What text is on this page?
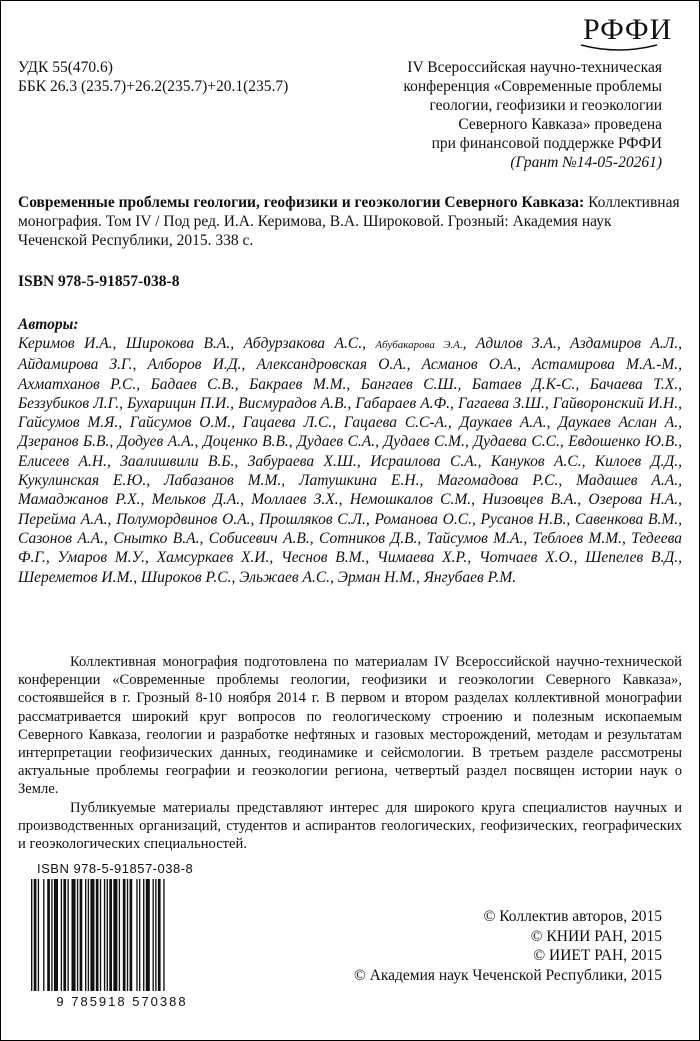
РФФИ
УДК 55(470.6)
ББК 26.3 (235.7)+26.2(235.7)+20.1(235.7)
IV Всероссийская научно-техническая
конференция «Современные проблемы
геологии, геофизики и геоэкологии
Северного Кавказа» проведена
при финансовой поддержке РФФИ
(Грант №14-05-20261)
Современные проблемы геологии, геофизики и геоэкологии Северного Кавказа: Коллективная монография. Том IV / Под ред. И.А. Керимова, В.А. Широковой. Грозный: Академия наук Чеченской Республики, 2015. 338 с.
ISBN 978-5-91857-038-8
Авторы:
Керимов И.А., Широкова В.А., Абдурзакова А.С., Абубакарова Э.А., Адилов З.А., Аздамиров А.Л., Айдамирова З.Г., Алборов И.Д., Александровская О.А., Асманов О.А., Астамирова М.А.-М., Ахматханов Р.С., Бадаев С.В., Бакраев М.М., Бангаев С.Ш., Батаев Д.К-С., Бачаева Т.Х., Беззубиков Л.Г., Бухарицин П.И., Висмурадов А.В., Габараев А.Ф., Гагаева З.Ш., Гайворонский И.Н., Гайсумов М.Я., Гайсумов О.М., Гацаева Л.С., Гацаева С.С-А., Даукаев А.А., Даукаев Аслан А., Дзеранов Б.В., Додуев А.А., Доценко В.В., Дудаев С.А., Дудаев С.М., Дудаева С.С., Евдошенко Ю.В., Елисеев А.Н., Заалишвили В.Б., Забураева Х.Ш., Исраилова С.А., Кануков А.С., Килоев Д.Д., Кукулинская Е.Ю., Лабазанов М.М., Латушкина Е.Н., Магомадова Р.С., Мадашев А.А., Мамаджанов Р.Х., Мельков Д.А., Моллаев З.Х., Немошкалов С.М., Низовцев В.А., Озерова Н.А., Перейма А.А., Полумордвинов О.А., Прошляков С.Л., Романова О.С., Русанов Н.В., Савенкова В.М., Сазонов А.А., Снытко В.А., Собисевич А.В., Сотников Д.В., Тайсумов М.А., Теблоев М.М., Тедеева Ф.Г., Умаров М.У., Хамсуркаев Х.И., Чеснов В.М., Чимаева Х.Р., Чотчаев Х.О., Шепелев В.Д., Шереметов И.М., Широков Р.С., Эльжаев А.С., Эрман Н.М., Янгубаев Р.М.

Коллективная монография подготовлена по материалам IV Всероссийской научно-технической конференции «Современные проблемы геологии, геофизики и геоэкологии Северного Кавказа», состоявшейся в г. Грозный 8-10 ноября 2014 г. В первом и втором разделах коллективной монографии рассматривается широкий круг вопросов по геологическому строению и полезным ископаемым Северного Кавказа, геологии и разработке нефтяных и газовых месторождений, методам и результатам интерпретации геофизических данных, геодинамике и сейсмологии. В третьем разделе рассмотрены актуальные проблемы географии и геоэкологии региона, четвертый раздел посвящен истории наук о Земле.

Публикуемые материалы представляют интерес для широкого круга специалистов научных и производственных организаций, студентов и аспирантов геологических, геофизических, географических и геоэкологических специальностей.

ISBN 978-5-91857-038-8
9 785918 570388
© Коллектив авторов, 2015
© КНИИ РАН, 2015
© ИИЕТ РАН, 2015
© Академия наук Чеченской Республики, 2015
